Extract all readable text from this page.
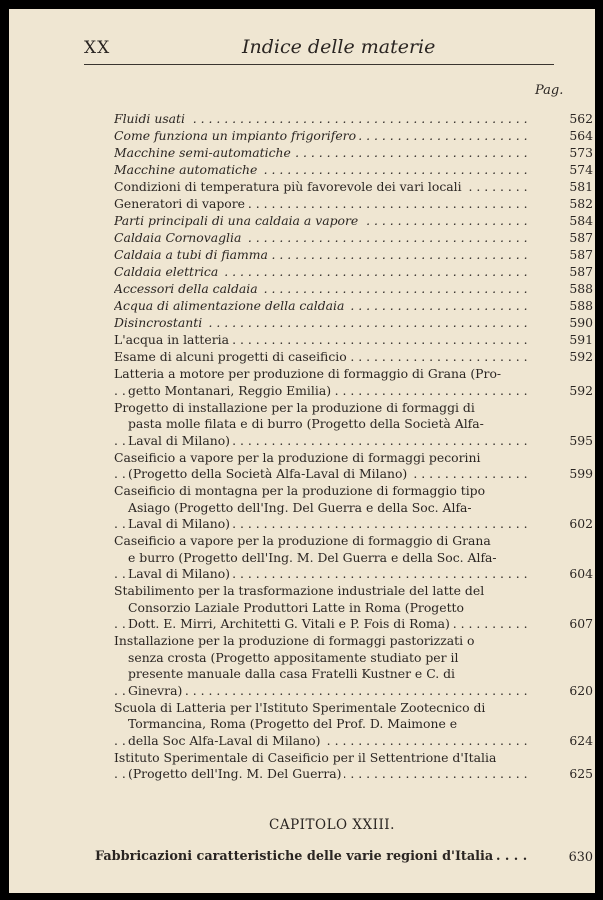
XX	Indice delle materie
Pag.
Fluidi usati . . .	562
Come funziona un impianto frigorifero . . .	564
Macchine semi-automatiche . . .	573
Macchine automatiche . . .	574
Condizioni di temperatura più favorevole dei vari locali . . .	581
Generatori di vapore . . .	582
Parti principali di una caldaia a vapore . . .	584
Caldaia Cornovaglia . . .	587
Caldaia a tubi di fiamma . . .	587
Caldaia elettrica . . .	587
Accessori della caldaia . . .	588
Acqua di alimentazione della caldaia . . .	588
Disincrostanti . . .	590
L'acqua in latteria . . .	591
Esame di alcuni progetti di caseificio . . .	592
Latteria a motore per produzione di formaggio di Grana (Pro-
getto Montanari, Reggio Emilia) . . .	592
Progetto di installazione per la produzione di formaggi di
pasta molle filata e di burro (Progetto della Società Alfa-
Laval di Milano) . . .	595
Caseificio a vapore per la produzione di formaggi pecorini
(Progetto della Società Alfa-Laval di Milano) . . .	599
Caseificio di montagna per la produzione di formaggio tipo
Asiago (Progetto dell'Ing. Del Guerra e della Soc. Alfa-
Laval di Milano) . . .	602
Caseificio a vapore per la produzione di formaggio di Grana
e burro (Progetto dell'Ing. M. Del Guerra e della Soc. Alfa-
Laval di Milano) . . .	604
Stabilimento per la trasformazione industriale del latte del
Consorzio Laziale Produttori Latte in Roma (Progetto
Dott. E. Mirri, Architetti G. Vitali e P. Fois di Roma) . . .	607
Installazione per la produzione di formaggi pastorizzati o
senza crosta (Progetto appositamente studiato per il
presente manuale dalla casa Fratelli Kustner e C. di
Ginevra) . . .	620
Scuola di Latteria per l'Istituto Sperimentale Zootecnico di
Tormancina, Roma (Progetto del Prof. D. Maimone e
della Soc Alfa-Laval di Milano) . . .	624
Istituto Sperimentale di Caseificio per il Settentrione d'Italia
(Progetto dell'Ing. M. Del Guerra) . . .	625
CAPITOLO XXIII.
Fabbricazioni caratteristiche delle varie regioni d'Italia . . .	630
